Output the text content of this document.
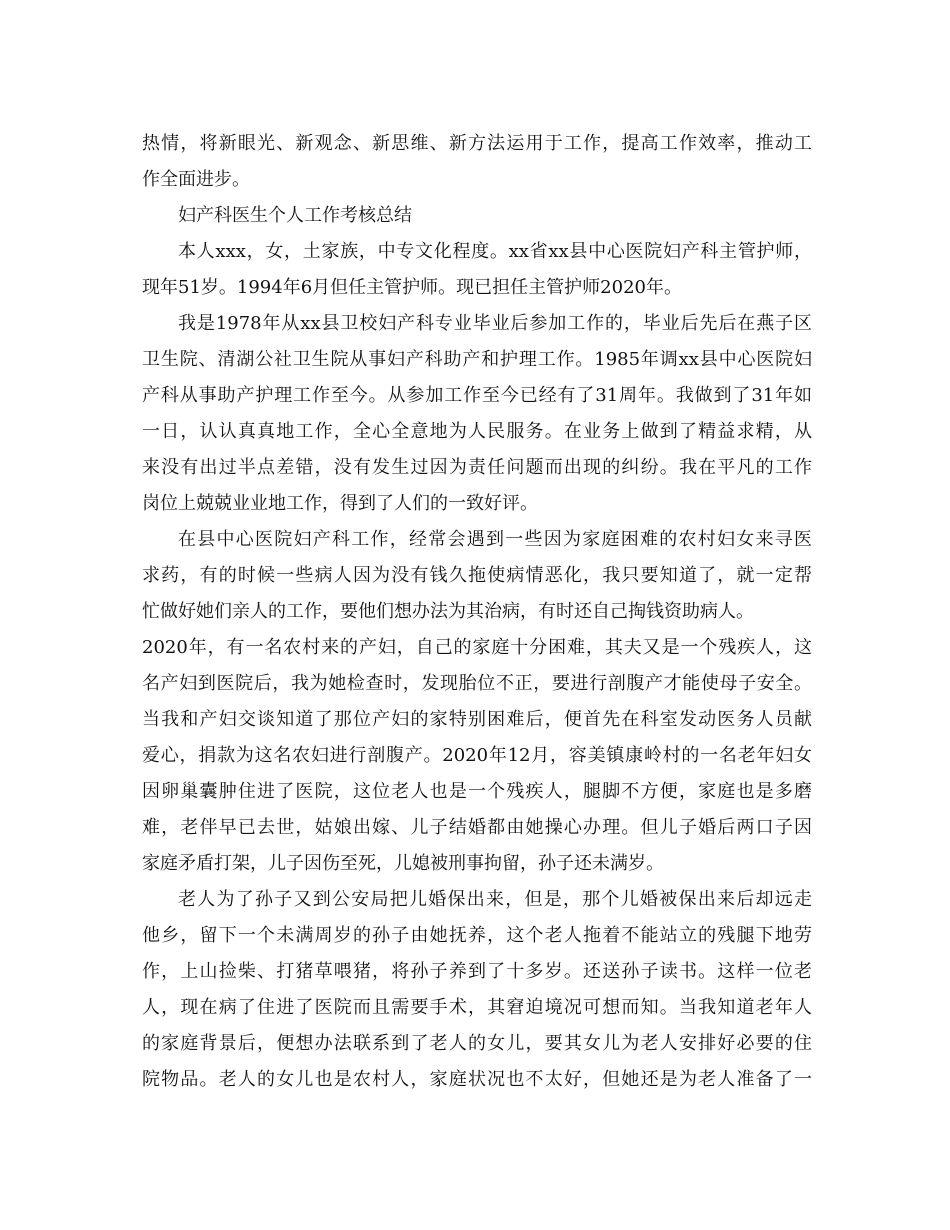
热情，将新眼光、新观念、新思维、新方法运用于工作，提高工作效率，推动工
作全面进步。
妇产科医生个人工作考核总结
本人xxx，女，土家族，中专文化程度。xx省xx县中心医院妇产科主管护师，
现年51岁。1994年6月但任主管护师。现已担任主管护师2020年。
我是1978年从xx县卫校妇产科专业毕业后参加工作的，毕业后先后在燕子区
卫生院、清湖公社卫生院从事妇产科助产和护理工作。1985年调xx县中心医院妇
产科从事助产护理工作至今。从参加工作至今已经有了31周年。我做到了31年如
一日，认认真真地工作，全心全意地为人民服务。在业务上做到了精益求精，从
来没有出过半点差错，没有发生过因为责任问题而出现的纠纷。我在平凡的工作
岗位上兢兢业业地工作，得到了人们的一致好评。
在县中心医院妇产科工作，经常会遇到一些因为家庭困难的农村妇女来寻医
求药，有的时候一些病人因为没有钱久拖使病情恶化，我只要知道了，就一定帮
忙做好她们亲人的工作，要他们想办法为其治病，有时还自己掏钱资助病人。
2020年，有一名农村来的产妇，自己的家庭十分困难，其夫又是一个残疾人，这
名产妇到医院后，我为她检查时，发现胎位不正，要进行剖腹产才能使母子安全。
当我和产妇交谈知道了那位产妇的家特别困难后，便首先在科室发动医务人员献
爱心，捐款为这名农妇进行剖腹产。2020年12月，容美镇康岭村的一名老年妇女
因卵巢囊肿住进了医院，这位老人也是一个残疾人，腿脚不方便，家庭也是多磨
难，老伴早已去世，姑娘出嫁、儿子结婚都由她操心办理。但儿子婚后两口子因
家庭矛盾打架，儿子因伤至死，儿媳被刑事拘留，孙子还未满岁。
老人为了孙子又到公安局把儿婚保出来，但是，那个儿婚被保出来后却远走
他乡，留下一个未满周岁的孙子由她抚养，这个老人拖着不能站立的残腿下地劳
作，上山捡柴、打猪草喂猪，将孙子养到了十多岁。还送孙子读书。这样一位老
人，现在病了住进了医院而且需要手术，其窘迫境况可想而知。当我知道老年人
的家庭背景后，便想办法联系到了老人的女儿，要其女儿为老人安排好必要的住
院物品。老人的女儿也是农村人，家庭状况也不太好，但她还是为老人准备了一
